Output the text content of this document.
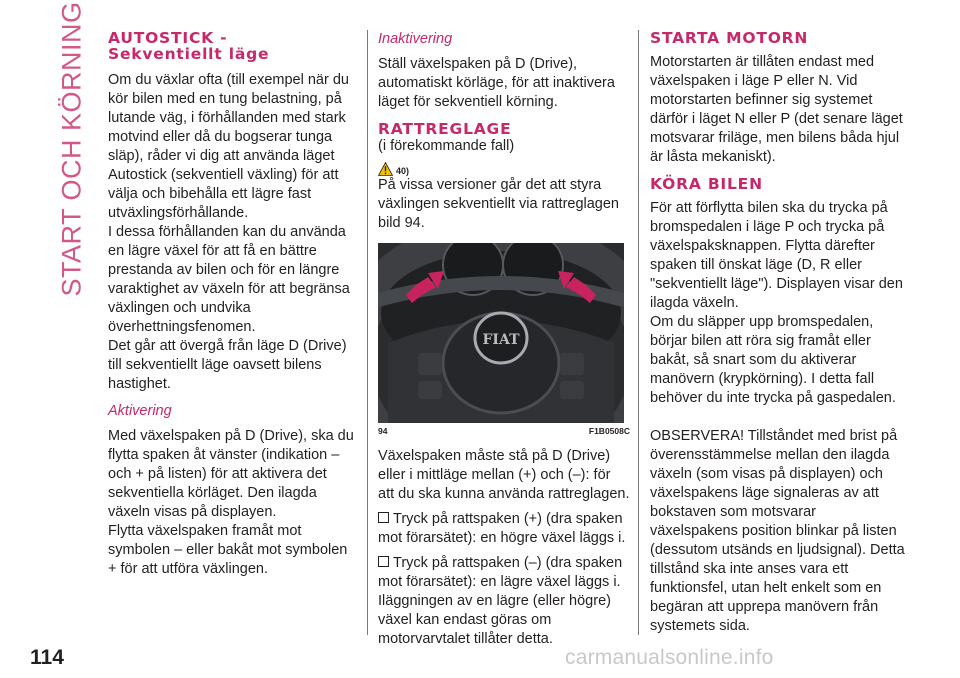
START OCH KÖRNING AUTOSTICK -
Sekventiellt läge

Om du växlar ofta (till exempel när du kör bilen med en tung belastning, på lutande väg, i förhållanden med stark motvind eller då du bogserar tunga släp), råder vi dig att använda läget Autostick (sekventiell växling) för att välja och bibehålla ett lägre fast utväxlingsförhållande.

I dessa förhållanden kan du använda en lägre växel för att få en bättre prestanda av bilen och för en längre varaktighet av växeln för att begränsa växlingen och undvika överhettningsfenomen.

Det går att övergå från läge D (Drive) till sekventiellt läge oavsett bilens hastighet.

Aktivering

Med växelspaken på D (Drive), ska du flytta spaken åt vänster (indikation – och + på listen) för att aktivera det sekventiella körläget. Den ilagda växeln visas på displayen.

Flytta växelspaken framåt mot symbolen – eller bakåt mot symbolen + för att utföra växlingen.

Inaktivering

Ställ växelspaken på D (Drive), automatiskt körläge, för att inaktivera läget för sekventiell körning.

RATTREGLAGE

(i förekommande fall)

40)

På vissa versioner går det att styra växlingen sekventiellt via rattreglagen bild 94.

FIAT
94	F1B0508C

Växelspaken måste stå på D (Drive) eller i mittläge mellan (+) och (–): för att du ska kunna använda rattreglagen.

Tryck på rattspaken (+) (dra spaken mot förarsätet): en högre växel läggs i.

Tryck på rattspaken (–) (dra spaken mot förarsätet): en lägre växel läggs i. Iläggningen av en lägre (eller högre) växel kan endast göras om motorvarvtalet tillåter detta.

STARTA MOTORN

Motorstarten är tillåten endast med växelspaken i läge P eller N. Vid motorstarten befinner sig systemet därför i läget N eller P (det senare läget motsvarar friläge, men bilens båda hjul är låsta mekaniskt).

KÖRA BILEN

För att förflytta bilen ska du trycka på bromspedalen i läge P och trycka på växelspaksknappen. Flytta därefter spaken till önskat läge (D, R eller "sekventiellt läge"). Displayen visar den ilagda växeln.

Om du släpper upp bromspedalen, börjar bilen att röra sig framåt eller bakåt, så snart som du aktiverar manövern (krypkörning). I detta fall behöver du inte trycka på gaspedalen.

OBSERVERA! Tillståndet med brist på överensstämmelse mellan den ilagda växeln (som visas på displayen) och växelspakens läge signaleras av att bokstaven som motsvarar växelspakens position blinkar på listen (dessutom utsänds en ljudsignal). Detta tillstånd ska inte anses vara ett funktionsfel, utan helt enkelt som en begäran att upprepa manövern från systemets sida.

114	carmanualsonline.info
